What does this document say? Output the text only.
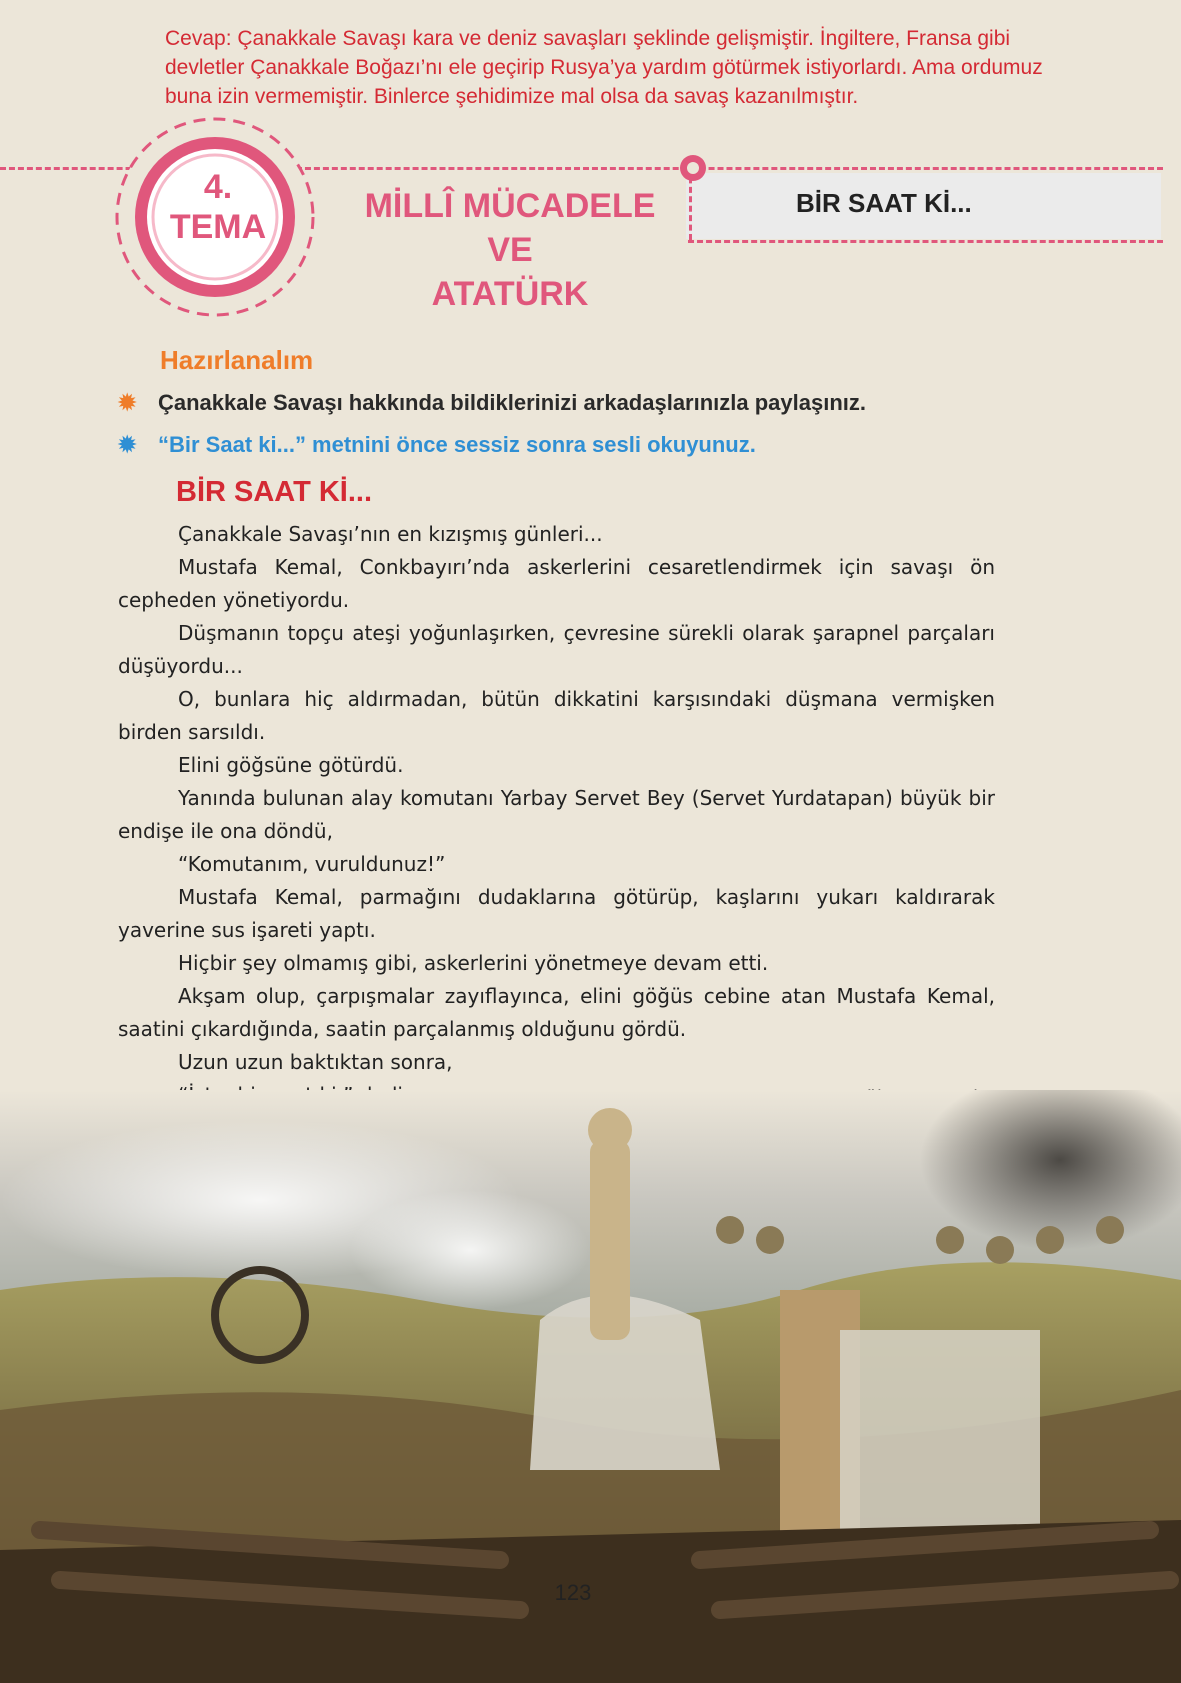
Cevap: Çanakkale Savaşı kara ve deniz savaşları şeklinde gelişmiştir. İngiltere, Fransa gibi
devletler Çanakkale Boğazı’nı ele geçirip Rusya’ya yardım götürmek istiyorlardı. Ama ordumuz
buna izin vermemiştir. Binlerce şehidimize mal olsa da savaş kazanılmıştır.
BİR SAAT Kİ...
4.
TEMA
MİLLÎ MÜCADELE VE
ATATÜRK
Hazırlanalım
✹ Çanakkale Savaşı hakkında bildiklerinizi arkadaşlarınızla paylaşınız.
✹ “Bir Saat ki...” metnini önce sessiz sonra sesli okuyunuz.
BİR SAAT Kİ...

Çanakkale Savaşı’nın en kızışmış günleri...

Mustafa Kemal, Conkbayırı’nda askerlerini cesaretlendirmek için savaşı ön cepheden yönetiyordu.

Düşmanın topçu ateşi yoğunlaşırken, çevresine sürekli olarak şarapnel parçaları düşüyordu...

O, bunlara hiç aldırmadan, bütün dikkatini karşısındaki düşmana vermişken birden sarsıldı.

Elini göğsüne götürdü.

Yanında bulunan alay komutanı Yarbay Servet Bey (Servet Yurdatapan) büyük bir endişe ile ona döndü,

“Komutanım, vuruldunuz!”

Mustafa Kemal, parmağını dudaklarına götürüp, kaşlarını yukarı kaldırarak yaverine sus işareti yaptı.

Hiçbir şey olmamış gibi, askerlerini yönetmeye devam etti.

Akşam olup, çarpışmalar zayıflayınca, elini göğüs cebine atan Mustafa Kemal, saatini çıkardığında, saatin parçalanmış olduğunu gördü.

Uzun uzun baktıktan sonra,

123
